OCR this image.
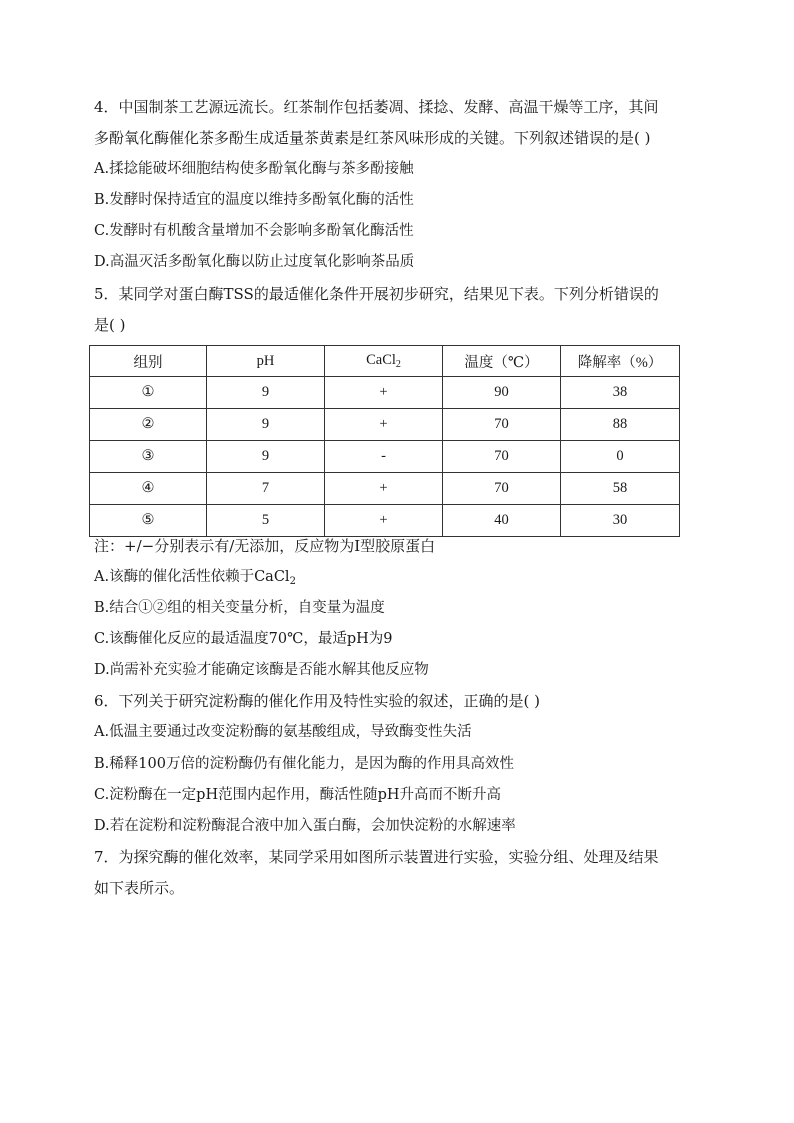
4．中国制茶工艺源远流长。红茶制作包括萎凋、揉捻、发酵、高温干燥等工序，其间
多酚氧化酶催化茶多酚生成适量茶黄素是红茶风味形成的关键。下列叙述错误的是( )
A.揉捻能破坏细胞结构使多酚氧化酶与茶多酚接触
B.发酵时保持适宜的温度以维持多酚氧化酶的活性
C.发酵时有机酸含量增加不会影响多酚氧化酶活性
D.高温灭活多酚氧化酶以防止过度氧化影响茶品质
5．某同学对蛋白酶TSS的最适催化条件开展初步研究，结果见下表。下列分析错误的
是( )
组别	pH	CaCl$_2$	温度（℃）	降解率（%）
①	9	+	90	38
②	9	+	70	88
③	9	-	70	0
④	7	+	70	58
⑤	5	+	40	30
注：+/−分别表示有/无添加，反应物为Ⅰ型胶原蛋白
A.该酶的催化活性依赖于CaCl$_2$
B.结合①②组的相关变量分析，自变量为温度
C.该酶催化反应的最适温度70℃，最适pH为9
D.尚需补充实验才能确定该酶是否能水解其他反应物
6．下列关于研究淀粉酶的催化作用及特性实验的叙述，正确的是( )
A.低温主要通过改变淀粉酶的氨基酸组成，导致酶变性失活
B.稀释100万倍的淀粉酶仍有催化能力，是因为酶的作用具高效性
C.淀粉酶在一定pH范围内起作用，酶活性随pH升高而不断升高
D.若在淀粉和淀粉酶混合液中加入蛋白酶，会加快淀粉的水解速率
7．为探究酶的催化效率，某同学采用如图所示装置进行实验，实验分组、处理及结果
如下表所示。
